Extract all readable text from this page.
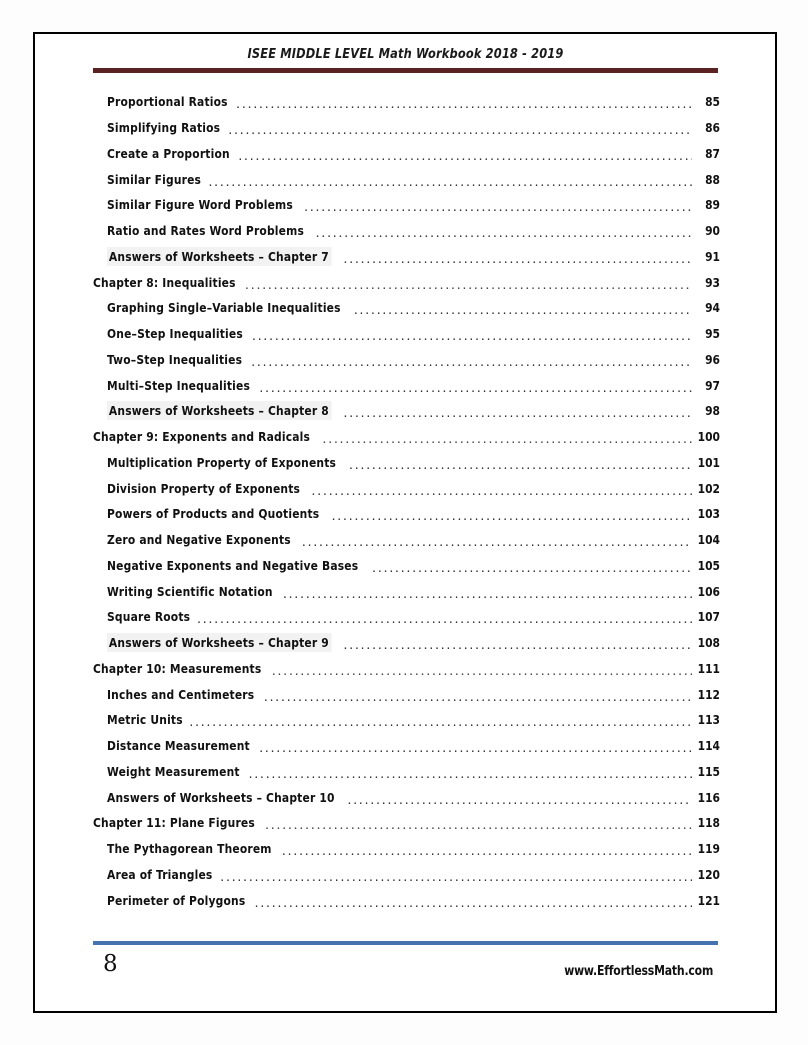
ISEE MIDDLE LEVEL Math Workbook 2018 - 2019
Proportional Ratios .....	85
Simplifying Ratios .....	86
Create a Proportion .....	87
Similar Figures .....	88
Similar Figure Word Problems .....	89
Ratio and Rates Word Problems .....	90
Answers of Worksheets – Chapter 7 .....	91
Chapter 8: Inequalities .....	93
Graphing Single–Variable Inequalities .....	94
One–Step Inequalities .....	95
Two–Step Inequalities .....	96
Multi–Step Inequalities .....	97
Answers of Worksheets – Chapter 8 .....	98
Chapter 9: Exponents and Radicals .....	100
Multiplication Property of Exponents .....	101
Division Property of Exponents .....	102
Powers of Products and Quotients .....	103
Zero and Negative Exponents .....	104
Negative Exponents and Negative Bases .....	105
Writing Scientific Notation .....	106
Square Roots .....	107
Answers of Worksheets – Chapter 9 .....	108
Chapter 10: Measurements .....	111
Inches and Centimeters .....	112
Metric Units .....	113
Distance Measurement .....	114
Weight Measurement .....	115
Answers of Worksheets – Chapter 10 .....	116
Chapter 11: Plane Figures .....	118
The Pythagorean Theorem .....	119
Area of Triangles .....	120
Perimeter of Polygons .....	121
8	www.EffortlessMath.com
